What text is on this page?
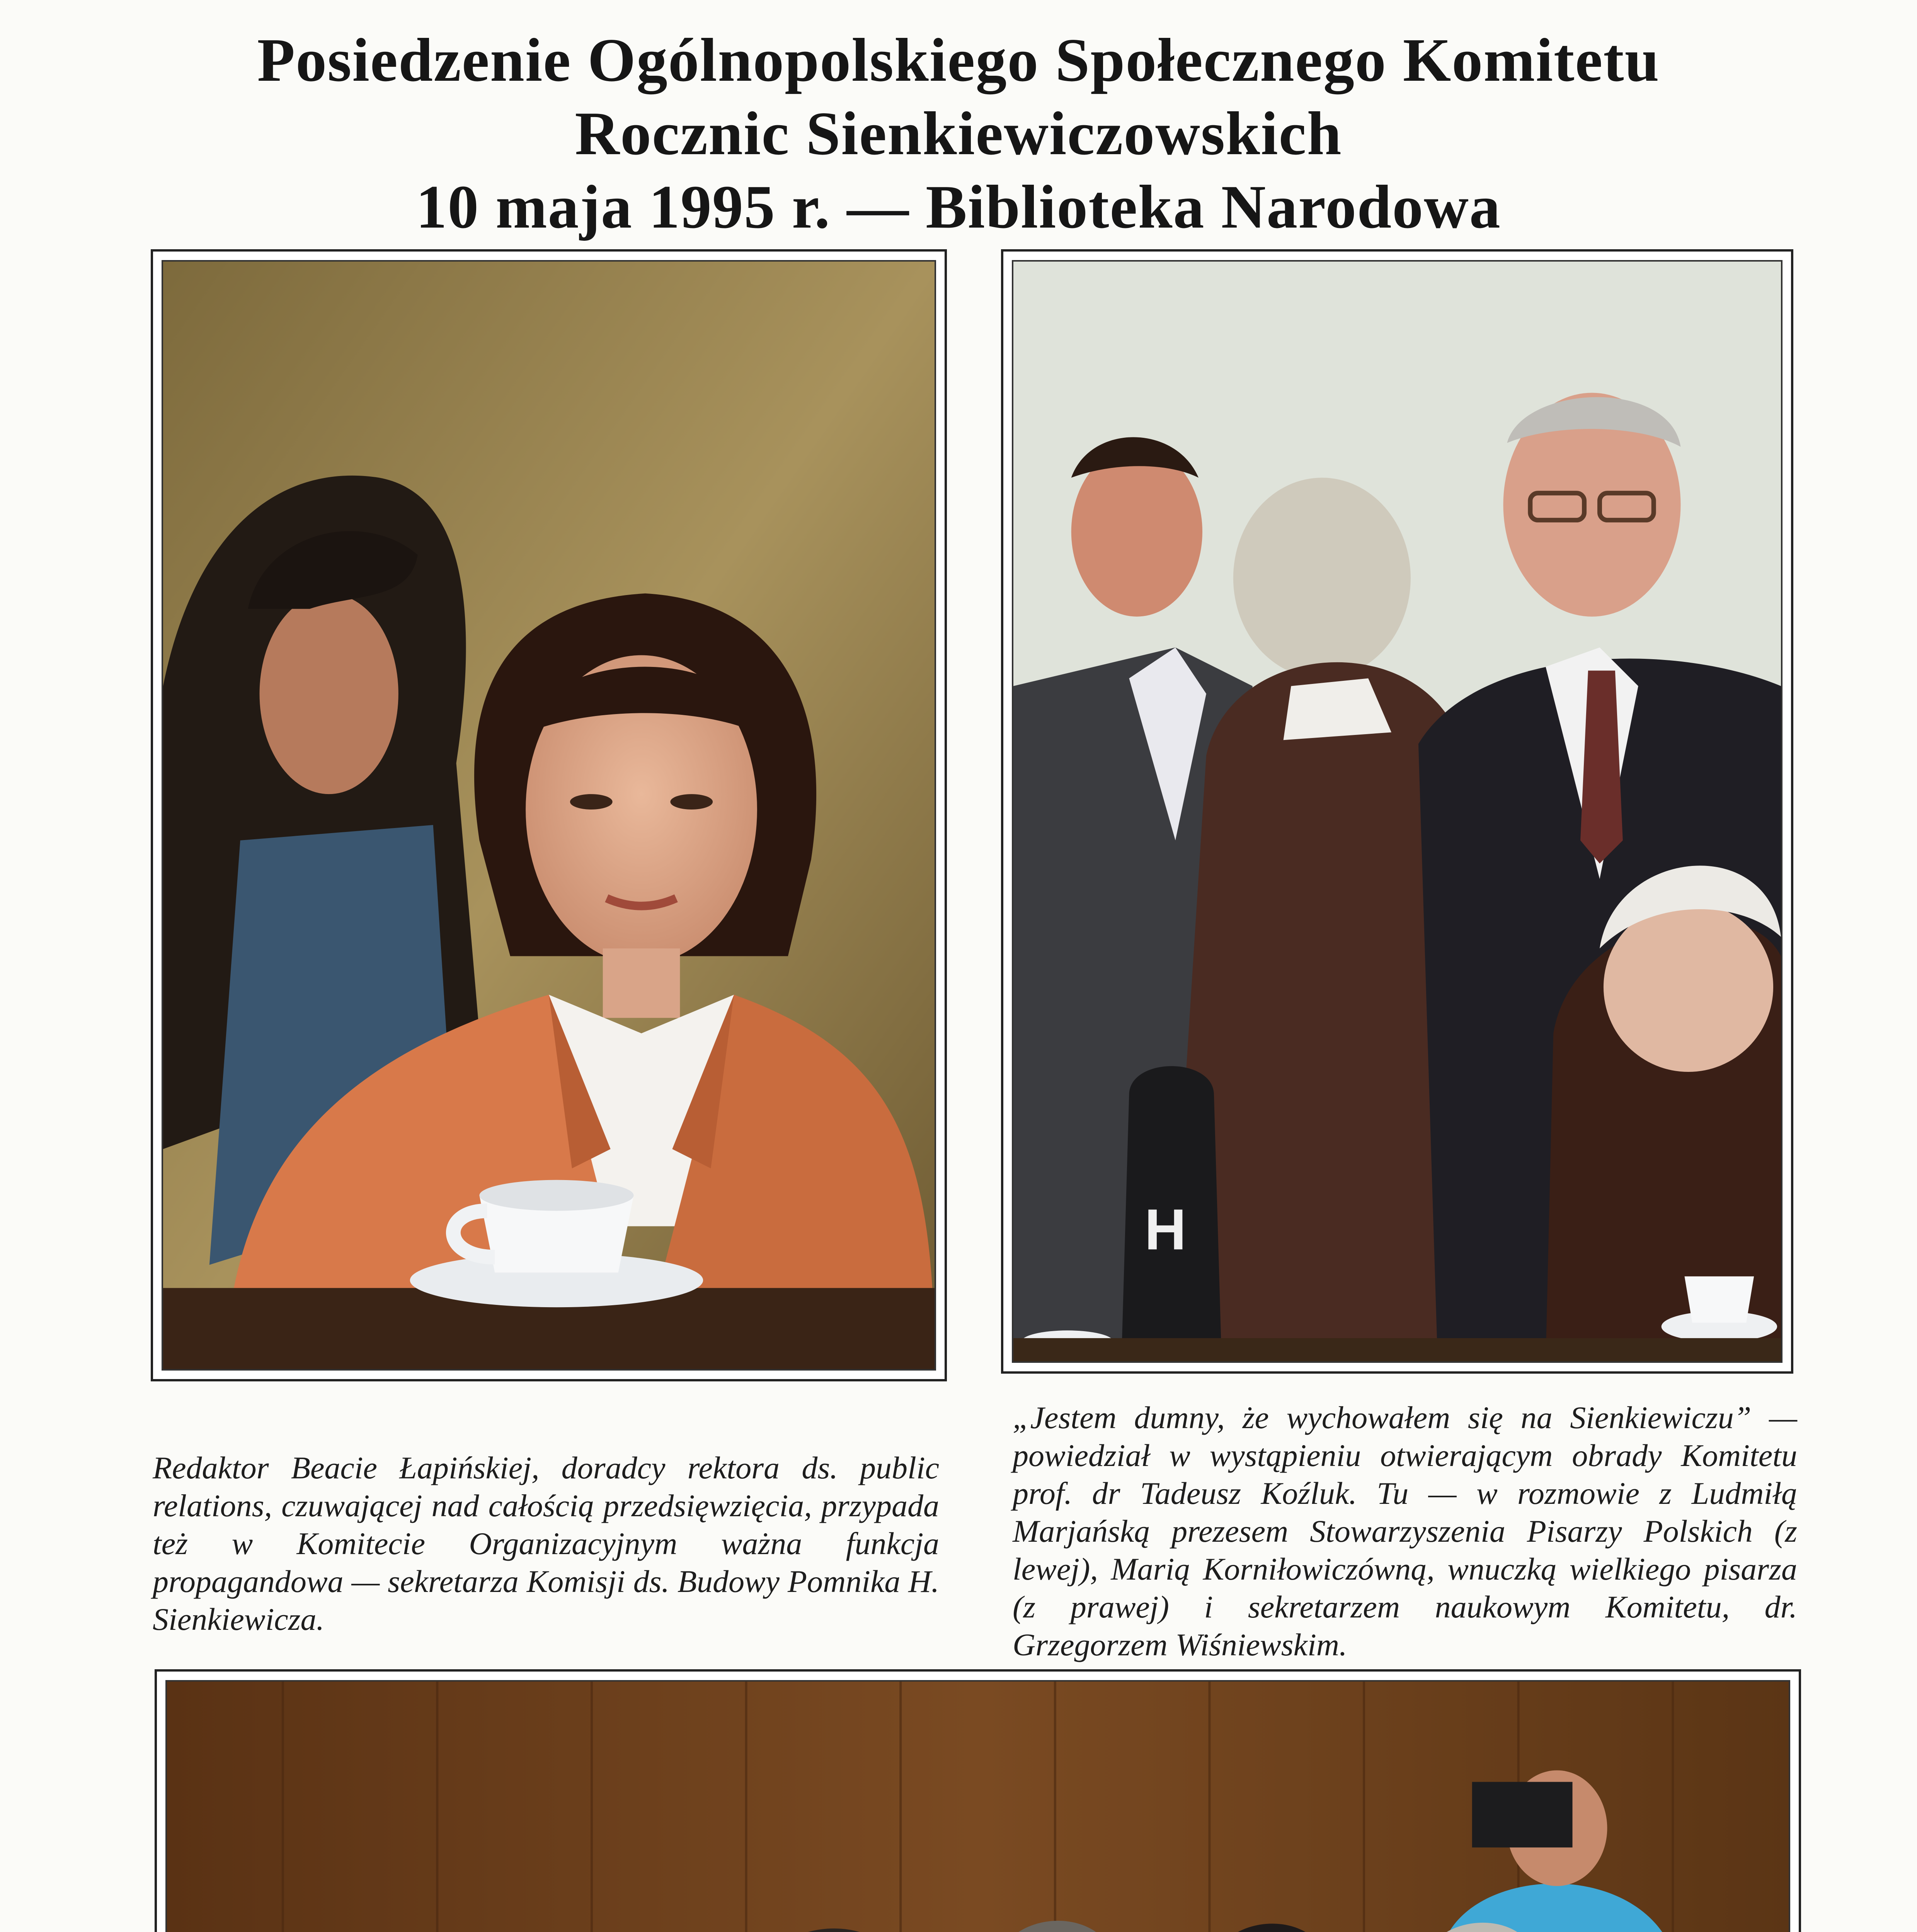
Posiedzenie Ogólnopolskiego Społecznego Komitetu
Rocznic Sienkiewiczowskich
10 maja 1995 r. — Biblioteka Narodowa
H
Redaktor Beacie Łapińskiej, doradcy rektora ds. public relations, czuwającej nad całością przedsięwzięcia, przypada też w Komitecie Organizacyjnym ważna funkcja propagandowa — sekretarza Komisji ds. Budowy Pomnika H. Sienkiewicza.
„Jestem dumny, że wychowałem się na Sienkiewiczu” — powiedział w wystąpieniu otwierającym obrady Komitetu prof. dr Tadeusz Koźluk. Tu — w rozmowie z Ludmiłą Marjańską prezesem Stowarzyszenia Pisarzy Polskich (z lewej), Marią Korniłowiczówną, wnuczką wielkiego pisarza (z prawej) i sekretarzem naukowym Komitetu, dr. Grzegorzem Wiśniewskim.
